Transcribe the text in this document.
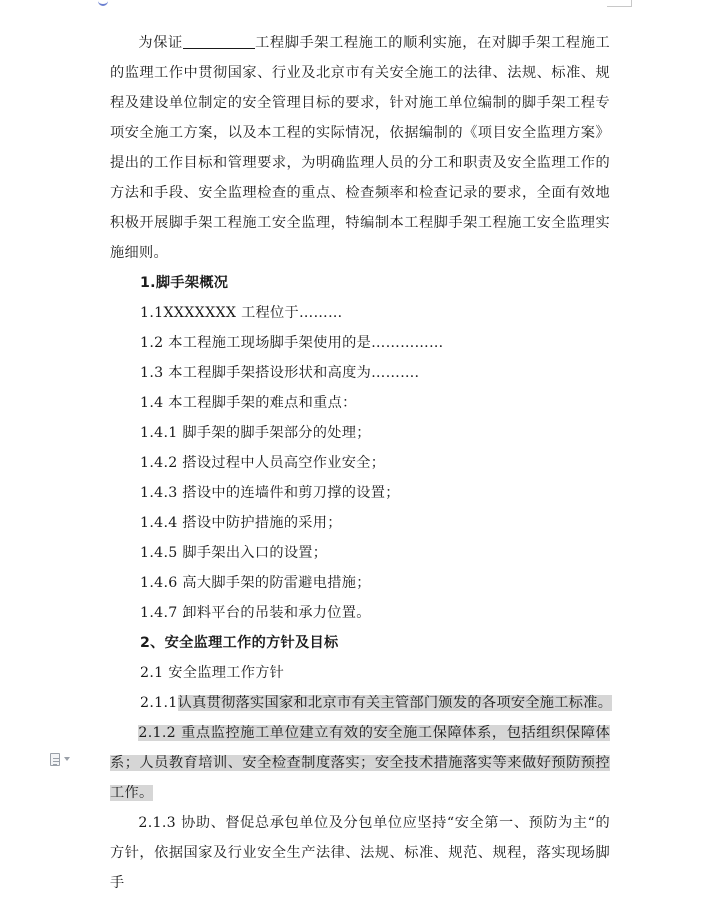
为保证	工程脚手架工程施工的顺利实施，在对脚手架工程施工的监理工作中贯彻国家、行业及北京市有关安全施工的法律、法规、标准、规程及建设单位制定的安全管理目标的要求，针对施工单位编制的脚手架工程专项安全施工方案，以及本工程的实际情况，依据编制的《项目安全监理方案》提出的工作目标和管理要求，为明确监理人员的分工和职责及安全监理工作的方法和手段、安全监理检查的重点、检查频率和检查记录的要求，全面有效地积极开展脚手架工程施工安全监理，特编制本工程脚手架工程施工安全监理实施细则。

1.脚手架概况

1.1XXXXXXX 工程位于………

1.2 本工程施工现场脚手架使用的是……………

1.3 本工程脚手架搭设形状和高度为……….

1.4 本工程脚手架的难点和重点：

1.4.1 脚手架的脚手架部分的处理；

1.4.2 搭设过程中人员高空作业安全；

1.4.3 搭设中的连墙件和剪刀撑的设置；

1.4.4 搭设中防护措施的采用；

1.4.5 脚手架出入口的设置；

1.4.6 高大脚手架的防雷避电措施；

1.4.7 卸料平台的吊装和承力位置。

2、安全监理工作的方针及目标

2.1 安全监理工作方针

2.1.1认真贯彻落实国家和北京市有关主管部门颁发的各项安全施工标准。

2.1.2 重点监控施工单位建立有效的安全施工保障体系，包括组织保障体系；人员教育培训、安全检查制度落实；安全技术措施落实等来做好预防预控工作。

2.1.3 协助、督促总承包单位及分包单位应坚持“安全第一、预防为主“的方针，依据国家及行业安全生产法律、法规、标准、规范、规程，落实现场脚手
